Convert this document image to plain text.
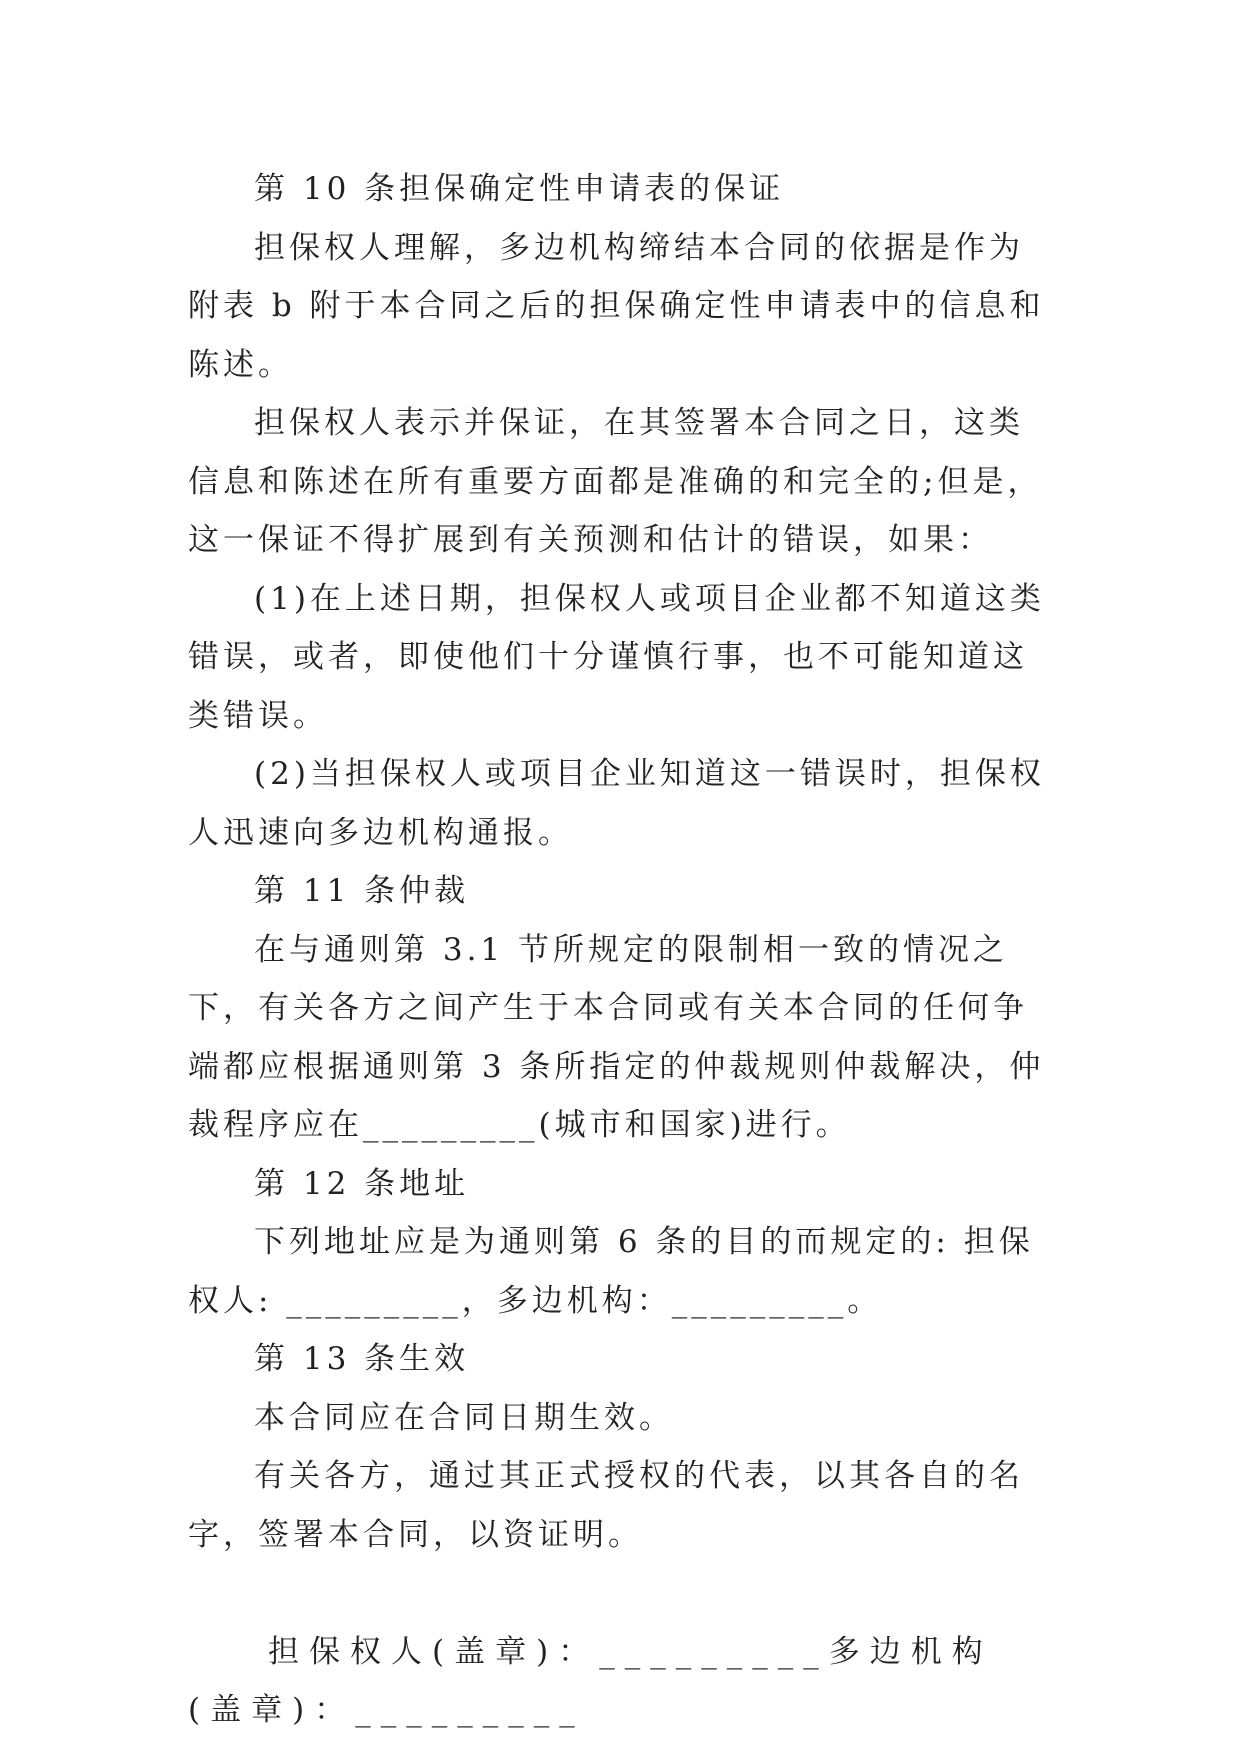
第 10 条担保确定性申请表的保证

担保权人理解，多边机构缔结本合同的依据是作为附表 b 附于本合同之后的担保确定性申请表中的信息和陈述。

担保权人表示并保证，在其签署本合同之日，这类信息和陈述在所有重要方面都是准确的和完全的;但是，这一保证不得扩展到有关预测和估计的错误，如果：

(1)在上述日期，担保权人或项目企业都不知道这类错误，或者，即使他们十分谨慎行事，也不可能知道这类错误。

(2)当担保权人或项目企业知道这一错误时，担保权人迅速向多边机构通报。

第 11 条仲裁

在与通则第 3.1 节所规定的限制相一致的情况之下，有关各方之间产生于本合同或有关本合同的任何争端都应根据通则第 3 条所指定的仲裁规则仲裁解决，仲裁程序应在_________(城市和国家)进行。

第 12 条地址

下列地址应是为通则第 6 条的目的而规定的: 担保权人: _________，多边机构：_________。

第 13 条生效

本合同应在合同日期生效。

有关各方，通过其正式授权的代表，以其各自的名字，签署本合同，以资证明。

担保权人(盖章)：_________多边机构(盖章)：_________
